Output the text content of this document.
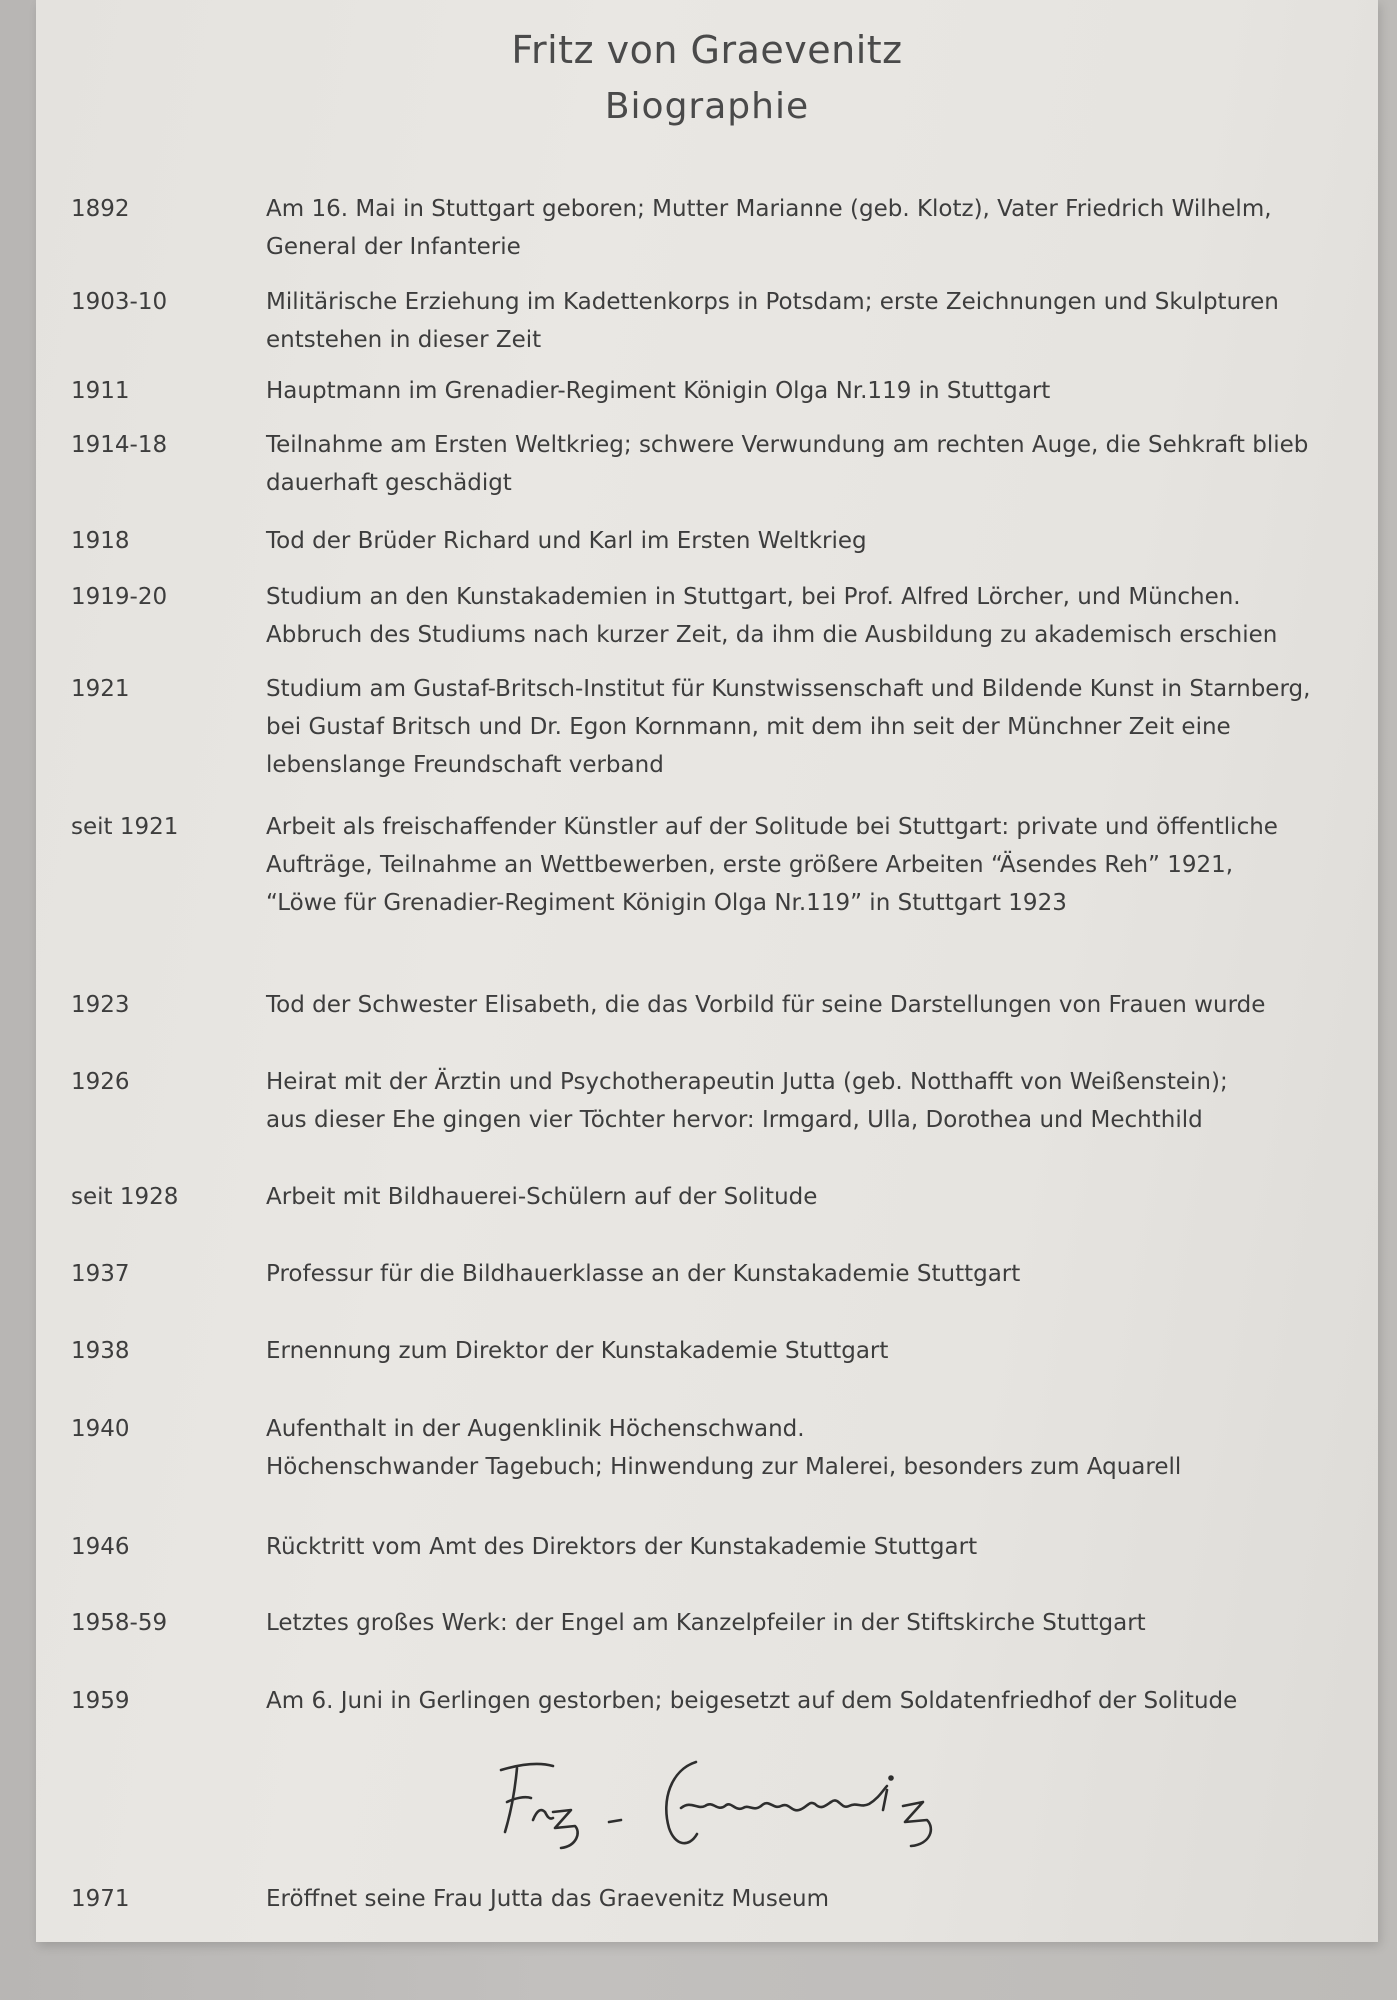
Fritz von Graevenitz
Biographie
1892	Am 16. Mai in Stuttgart geboren; Mutter Marianne (geb. Klotz), Vater Friedrich Wilhelm,
General der Infanterie
1903-10	Militärische Erziehung im Kadettenkorps in Potsdam; erste Zeichnungen und Skulpturen
entstehen in dieser Zeit
1911	Hauptmann im Grenadier-Regiment Königin Olga Nr.119 in Stuttgart
1914-18	Teilnahme am Ersten Weltkrieg; schwere Verwundung am rechten Auge, die Sehkraft blieb
dauerhaft geschädigt
1918	Tod der Brüder Richard und Karl im Ersten Weltkrieg
1919-20	Studium an den Kunstakademien in Stuttgart, bei Prof. Alfred Lörcher, und München.
Abbruch des Studiums nach kurzer Zeit, da ihm die Ausbildung zu akademisch erschien
1921	Studium am Gustaf-Britsch-Institut für Kunstwissenschaft und Bildende Kunst in Starnberg,
bei Gustaf Britsch und Dr. Egon Kornmann, mit dem ihn seit der Münchner Zeit eine
lebenslange Freundschaft verband
seit 1921	Arbeit als freischaffender Künstler auf der Solitude bei Stuttgart: private und öffentliche
Aufträge, Teilnahme an Wettbewerben, erste größere Arbeiten “Äsendes Reh” 1921,
“Löwe für Grenadier-Regiment Königin Olga Nr.119” in Stuttgart 1923
1923	Tod der Schwester Elisabeth, die das Vorbild für seine Darstellungen von Frauen wurde
1926	Heirat mit der Ärztin und Psychotherapeutin Jutta (geb. Notthafft von Weißenstein);
aus dieser Ehe gingen vier Töchter hervor: Irmgard, Ulla, Dorothea und Mechthild
seit 1928	Arbeit mit Bildhauerei-Schülern auf der Solitude
1937	Professur für die Bildhauerklasse an der Kunstakademie Stuttgart
1938	Ernennung zum Direktor der Kunstakademie Stuttgart
1940	Aufenthalt in der Augenklinik Höchenschwand.
Höchenschwander Tagebuch; Hinwendung zur Malerei, besonders zum Aquarell
1946	Rücktritt vom Amt des Direktors der Kunstakademie Stuttgart
1958-59	Letztes großes Werk: der Engel am Kanzelpfeiler in der Stiftskirche Stuttgart
1959	Am 6. Juni in Gerlingen gestorben; beigesetzt auf dem Soldatenfriedhof der Solitude
1971	Eröffnet seine Frau Jutta das Graevenitz Museum
